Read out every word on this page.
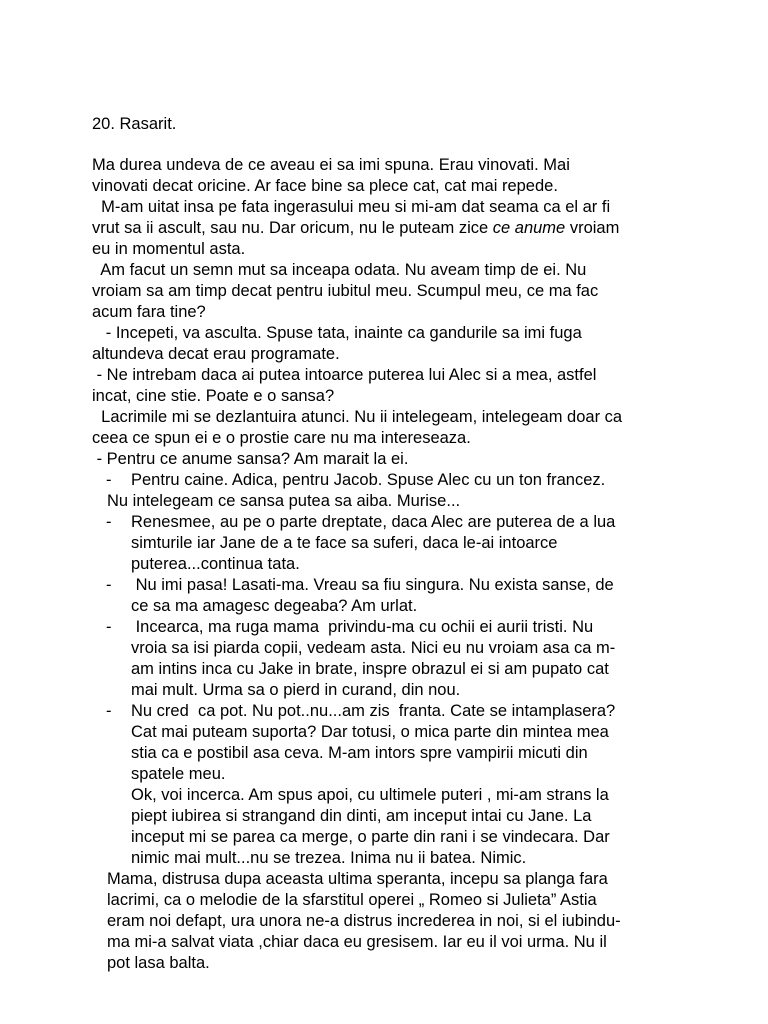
20. Rasarit.
Ma durea undeva de ce aveau ei sa imi spuna. Erau vinovati. Mai
vinovati decat oricine. Ar face bine sa plece cat, cat mai repede.
M-am uitat insa pe fata ingerasului meu si mi-am dat seama ca el ar fi
vrut sa ii ascult, sau nu. Dar oricum, nu le puteam zice ce anume vroiam
eu in momentul asta.
Am facut un semn mut sa inceapa odata. Nu aveam timp de ei. Nu
vroiam sa am timp decat pentru iubitul meu. Scumpul meu, ce ma fac
acum fara tine?
- Incepeti, va asculta. Spuse tata, inainte ca gandurile sa imi fuga
altundeva decat erau programate.
- Ne intrebam daca ai putea intoarce puterea lui Alec si a mea, astfel
incat, cine stie. Poate e o sansa?
Lacrimile mi se dezlantuira atunci. Nu ii intelegeam, intelegeam doar ca
ceea ce spun ei e o prostie care nu ma intereseaza.
- Pentru ce anume sansa? Am marait la ei.
- Pentru caine. Adica, pentru Jacob. Spuse Alec cu un ton francez.
Nu intelegeam ce sansa putea sa aiba. Murise...
- Renesmee, au pe o parte dreptate, daca Alec are puterea de a lua
simturile iar Jane de a te face sa suferi, daca le-ai intoarce
puterea...continua tata.
- Nu imi pasa! Lasati-ma. Vreau sa fiu singura. Nu exista sanse, de
ce sa ma amagesc degeaba? Am urlat.
- Incearca, ma ruga mama  privindu-ma cu ochii ei aurii tristi. Nu
vroia sa isi piarda copii, vedeam asta. Nici eu nu vroiam asa ca m-
am intins inca cu Jake in brate, inspre obrazul ei si am pupato cat
mai mult. Urma sa o pierd in curand, din nou.
- Nu cred  ca pot. Nu pot..nu...am zis  franta. Cate se intamplasera?
Cat mai puteam suporta? Dar totusi, o mica parte din mintea mea
stia ca e postibil asa ceva. M-am intors spre vampirii micuti din
spatele meu.
Ok, voi incerca. Am spus apoi, cu ultimele puteri , mi-am strans la
piept iubirea si strangand din dinti, am inceput intai cu Jane. La
inceput mi se parea ca merge, o parte din rani i se vindecara. Dar
nimic mai mult...nu se trezea. Inima nu ii batea. Nimic.
Mama, distrusa dupa aceasta ultima speranta, incepu sa planga fara
lacrimi, ca o melodie de la sfarstitul operei „ Romeo si Julieta” Astia
eram noi defapt, ura unora ne-a distrus increderea in noi, si el iubindu-
ma mi-a salvat viata ,chiar daca eu gresisem. Iar eu il voi urma. Nu il
pot lasa balta.
